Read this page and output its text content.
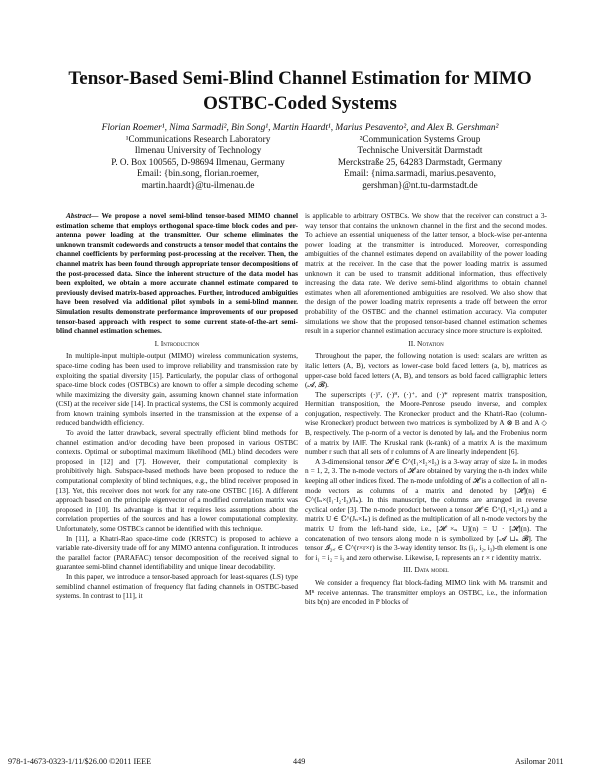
Tensor-Based Semi-Blind Channel Estimation for MIMO OSTBC-Coded Systems
Florian Roemer¹, Nima Sarmadi², Bin Song¹, Martin Haardt¹, Marius Pesavento², and Alex B. Gershman²
¹Communications Research Laboratory
Ilmenau University of Technology
P. O. Box 100565, D-98694 Ilmenau, Germany
Email: {bin.song, florian.roemer,
martin.haardt}@tu-ilmenau.de
²Communication Systems Group
Technische Universität Darmstadt
Merckstraße 25, 64283 Darmstadt, Germany
Email: {nima.sarmadi, marius.pesavento,
gershman}@nt.tu-darmstadt.de

Abstract— We propose a novel semi-blind tensor-based MIMO channel estimation scheme that employs orthogonal space-time block codes and per-antenna power loading at the transmitter. Our scheme eliminates the unknown transmit codewords and constructs a tensor model that contains the channel coefficients by performing post-processing at the receiver. Then, the channel matrix has been found through appropriate tensor decompositions of the post-processed data. Since the inherent structure of the data model has been exploited, we obtain a more accurate channel estimate compared to previously devised matrix-based approaches. Further, introduced ambiguities have been resolved via additional pilot symbols in a semi-blind manner. Simulation results demonstrate performance improvements of our proposed tensor-based approach with respect to some current state-of-the-art semi-blind channel estimation schemes.

I. Introduction

In multiple-input multiple-output (MIMO) wireless communication systems, space-time coding has been used to improve reliability and transmission rate by exploiting the spatial diversity [15]. Particularly, the popular class of orthogonal space-time block codes (OSTBCs) are known to offer a simple decoding scheme while maximizing the diversity gain, assuming known channel state information (CSI) at the receiver side [14]. In practical systems, the CSI is commonly acquired from known training symbols inserted in the transmission at the expense of a reduced bandwidth efficiency.

To avoid the latter drawback, several spectrally efficient blind methods for channel estimation and/or decoding have been proposed in various OSTBC contexts. Optimal or suboptimal maximum likelihood (ML) blind decoders were proposed in [12] and [7]. However, their computational complexity is prohibitively high. Subspace-based methods have been proposed to reduce the computational complexity of blind techniques, e.g., the blind receiver proposed in [13]. Yet, this receiver does not work for any rate-one OSTBC [16]. A different approach based on the principle eigenvector of a modified correlation matrix was proposed in [10]. Its advantage is that it requires less assumptions about the correlation properties of the sources and has a lower computational complexity. Unfortunately, some OSTBCs cannot be identified with this technique.

In [11], a Khatri-Rao space-time code (KRSTC) is proposed to achieve a variable rate-diversity trade off for any MIMO antenna configuration. It introduces the parallel factor (PARAFAC) tensor decomposition of the received signal to guarantee semi-blind channel identifiability and unique linear decodability.

In this paper, we introduce a tensor-based approach for least-squares (LS) type semiblind channel estimation of frequency flat fading channels in OSTBC-based systems. In contrast to [11], it

is applicable to arbitrary OSTBCs. We show that the receiver can construct a 3-way tensor that contains the unknown channel in the first and the second modes. To achieve an essential uniqueness of the latter tensor, a block-wise per-antenna power loading at the transmitter is introduced. Moreover, corresponding ambiguities of the channel estimates depend on availability of the power loading matrix at the receiver. In the case that the power loading matrix is assumed unknown it can be used to transmit additional information, thus effectively increasing the data rate. We derive semi-blind algorithms to obtain channel estimates when all aforementioned ambiguities are resolved. We also show that the design of the power loading matrix represents a trade off between the error probability of the OSTBC and the channel estimation accuracy. Via computer simulations we show that the proposed tensor-based channel estimation schemes result in a superior channel estimation accuracy since more structure is exploited.

II. Notation

Throughout the paper, the following notation is used: scalars are written as italic letters (A, B), vectors as lower-case bold faced letters (a, b), matrices as upper-case bold faced letters (A, B), and tensors as bold faced calligraphic letters (𝓐, 𝓑).

The superscripts (·)ᵀ, (·)ᴴ, (·)⁺, and (·)* represent matrix transposition, Hermitian transposition, the Moore-Penrose pseudo inverse, and complex conjugation, respectively. The Kronecker product and the Khatri-Rao (column-wise Kronecker) product between two matrices is symbolized by A ⊗ B and A ◇ B, respectively. The p-norm of a vector is denoted by ‖a‖ₚ and the Frobenius norm of a matrix by ‖A‖F. The Kruskal rank (k-rank) of a matrix A is the maximum number r such that all sets of r columns of A are linearly independent [6].

A 3-dimensional tensor 𝓗 ∈ ℂ^(I₁×I₂×I₃) is a 3-way array of size Iₙ in modes n = 1, 2, 3. The n-mode vectors of 𝓗 are obtained by varying the n-th index while keeping all other indices fixed. The n-mode unfolding of 𝓗 is a collection of all n-mode vectors as columns of a matrix and denoted by [𝓗](n) ∈ ℂ^(Iₙ×(I₁·I₂·I₃)/Iₙ). In this manuscript, the columns are arranged in reverse cyclical order [3]. The n-mode product between a tensor 𝓗 ∈ ℂ^(I₁×I₂×I₃) and a matrix U ∈ ℂ^(Jₙ×Iₙ) is defined as the multiplication of all n-mode vectors by the matrix U from the left-hand side, i.e., [𝓗 ×ₙ U](n) = U · [𝓗](n). The concatenation of two tensors along mode n is symbolized by [𝓐 ⊔ₙ 𝓑]. The tensor 𝓘₃,ᵣ ∈ ℂ^(r×r×r) is the 3-way identity tensor. Its (i₁, i₂, i₃)-th element is one for i₁ = i₂ = i₃ and zero otherwise. Likewise, Iᵣ represents an r × r identity matrix.

III. Data model

We consider a frequency flat block-fading MIMO link with Mₜ transmit and Mᴿ receive antennas. The transmitter employs an OSTBC, i.e., the information bits b(n) are encoded in P blocks of

978-1-4673-0323-1/11/$26.00 ©2011 IEEE	449	Asilomar 2011
